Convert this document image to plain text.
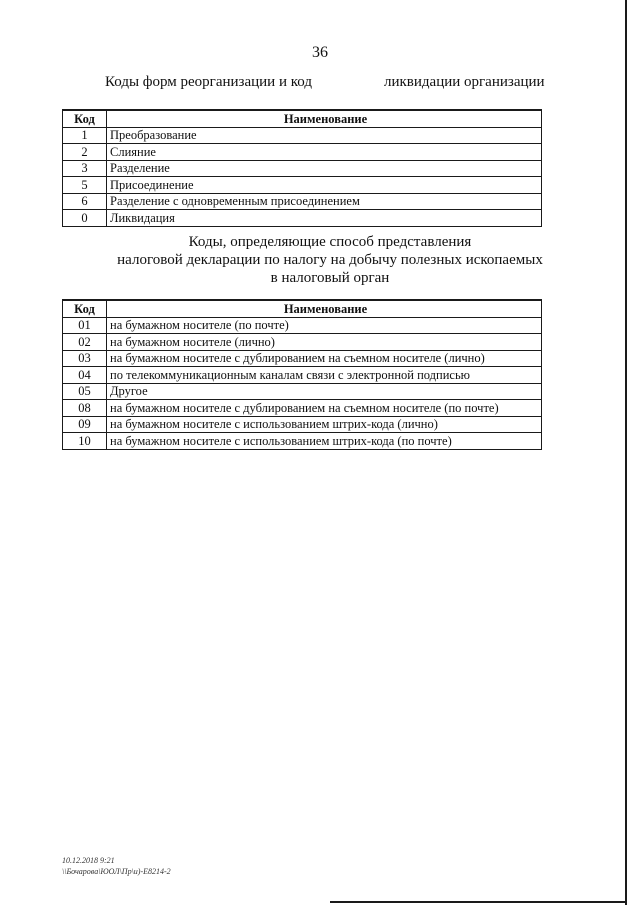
36
Коды форм реорганизации и код	ликвидации организации
Код	Наименование
1	Преобразование
2	Слияние
3	Разделение
5	Присоединение
6	Разделение с одновременным присоединением
0	Ликвидация
Коды, определяющие способ представления
налоговой декларации по налогу на добычу полезных ископаемых
в налоговый орган
Код	Наименование
01	на бумажном носителе (по почте)
02	на бумажном носителе (лично)
03	на бумажном носителе с дублированием на съемном носителе (лично)
04	по телекоммуникационным каналам связи с электронной подписью
05	Другое
08	на бумажном носителе с дублированием на съемном носителе (по почте)
09	на бумажном носителе с использованием штрих-кода (лично)
10	на бумажном носителе с использованием штрих-кода (по почте)
10.12.2018 9:21
\\Бочарова\ЮОЛ\Пр\и)-Е8214-2
